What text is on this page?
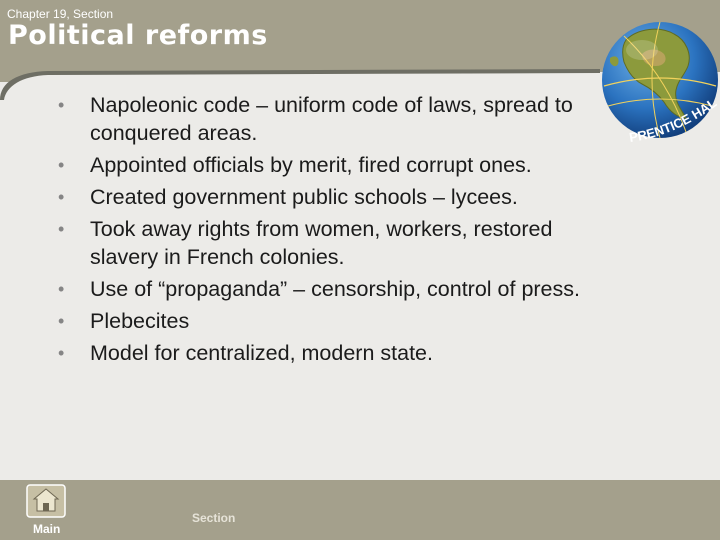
Chapter 19, Section
Political reforms
PRENTICE HAL
• Napoleonic code – uniform code of laws, spread to conquered areas.
• Appointed officials by merit, fired corrupt ones.
• Created government public schools – lycees.
• Took away rights from women, workers, restored slavery in French colonies.
• Use of “propaganda” – censorship, control of press.
• Plebecites
• Model for centralized, modern state.
Main
Section
